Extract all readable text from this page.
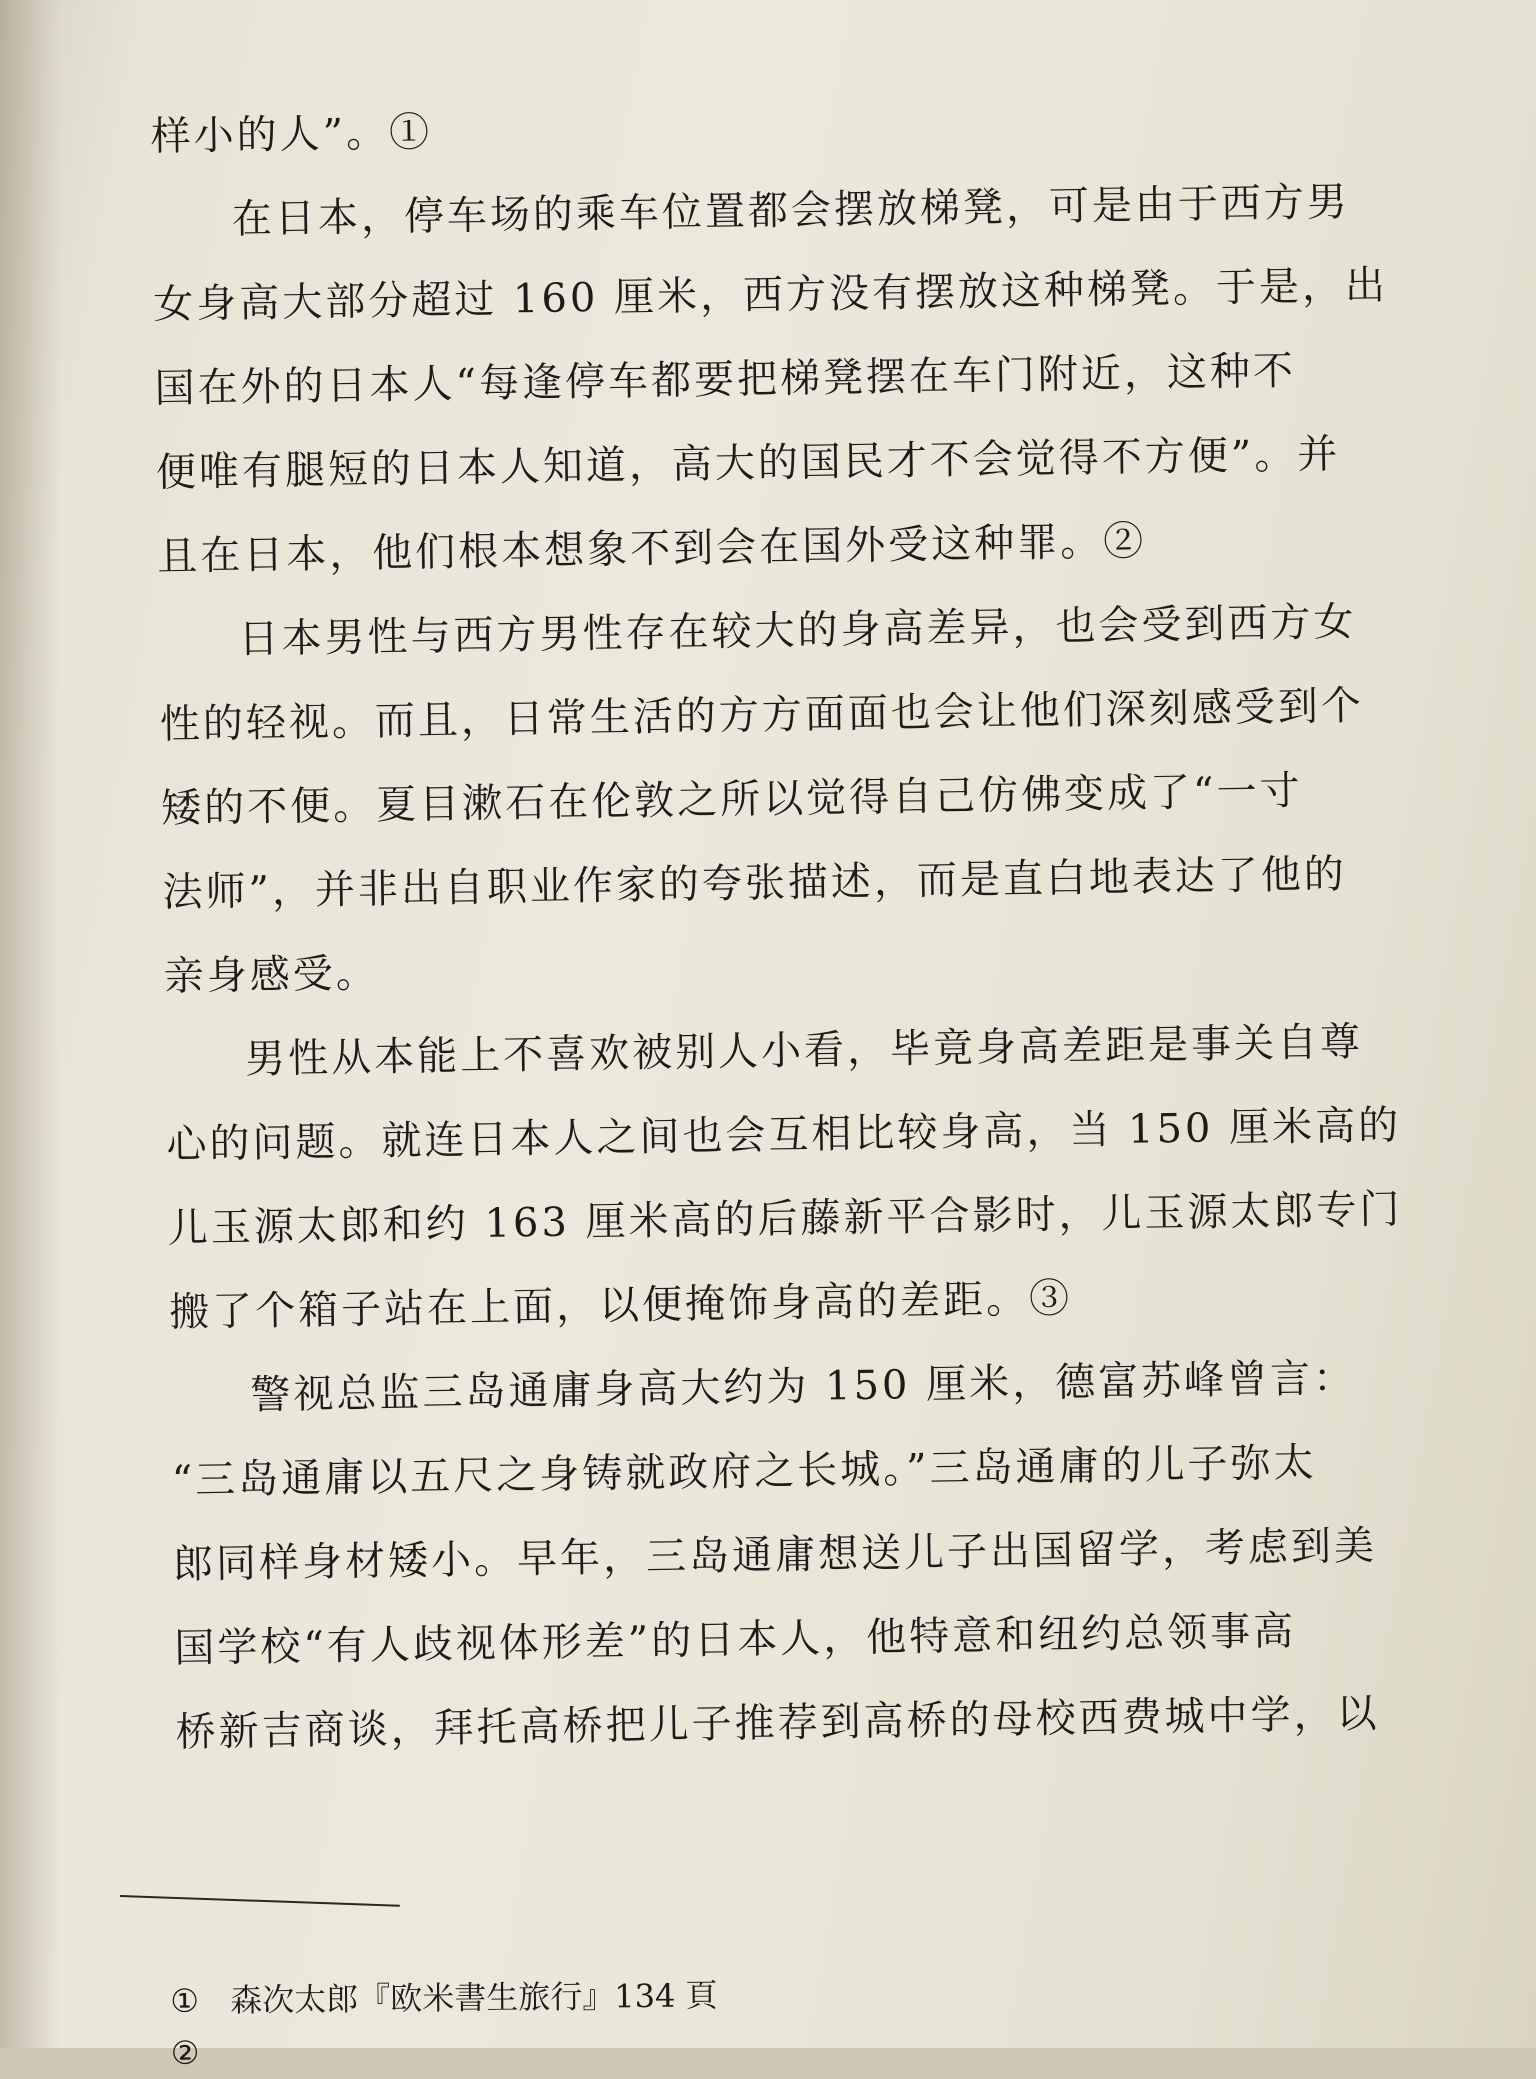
样小的人”。①
在日本，停车场的乘车位置都会摆放梯凳，可是由于西方男
女身高大部分超过 160 厘米，西方没有摆放这种梯凳。于是，出
国在外的日本人“每逢停车都要把梯凳摆在车门附近，这种不
便唯有腿短的日本人知道，高大的国民才不会觉得不方便”。并
且在日本，他们根本想象不到会在国外受这种罪。②
日本男性与西方男性存在较大的身高差异，也会受到西方女
性的轻视。而且，日常生活的方方面面也会让他们深刻感受到个
矮的不便。夏目漱石在伦敦之所以觉得自己仿佛变成了“一寸
法师”，并非出自职业作家的夸张描述，而是直白地表达了他的
亲身感受。
男性从本能上不喜欢被别人小看，毕竟身高差距是事关自尊
心的问题。就连日本人之间也会互相比较身高，当 150 厘米高的
儿玉源太郎和约 163 厘米高的后藤新平合影时，儿玉源太郎专门
搬了个箱子站在上面，以便掩饰身高的差距。③
警视总监三岛通庸身高大约为 150 厘米，德富苏峰曾言：
“三岛通庸以五尺之身铸就政府之长城。”三岛通庸的儿子弥太
郎同样身材矮小。早年，三岛通庸想送儿子出国留学，考虑到美
国学校“有人歧视体形差”的日本人，他特意和纽约总领事高
桥新吉商谈，拜托高桥把儿子推荐到高桥的母校西费城中学，以
① 森次太郎『欧米書生旅行』134 頁
②
